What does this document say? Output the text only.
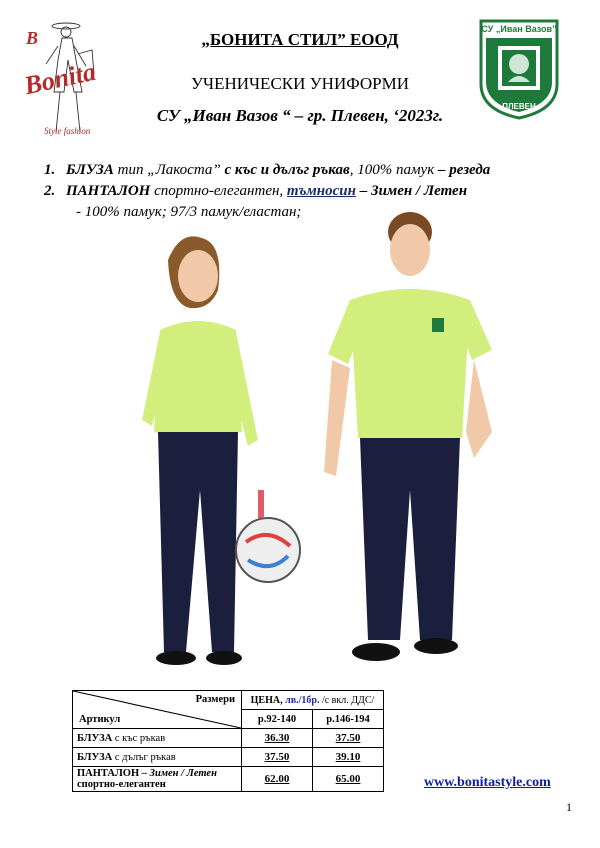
Bonita
Style fashion
B	„БОНИТА СТИЛ” ЕООД
УЧЕНИЧЕСКИ УНИФОРМИ
СУ „Иван Вазов “ – гр. Плевен, ‘2023г.
СУ „Иван Вазов”
ПЛЕВЕН
1. БЛУЗА тип „Лакоста” с къс и дълъг ръкав, 100% памук – резеда
2. ПАНТАЛОН спортно-елегантен, тъмносин – Зимен / Летен
- 100% памук; 97/3 памук/еластан;
Размери
Артикул	ЦЕНА, лв./1бр. /с вкл. ДДС/	
	р.92-140	р.146-194
БЛУЗА с къс ръкав	36.30	37.50
БЛУЗА с дълъг ръкав	37.50	39.10
ПАНТАЛОН – Зимен / Летен
спортно-елегантен	62.00	65.00	www.bonitastyle.com
1
